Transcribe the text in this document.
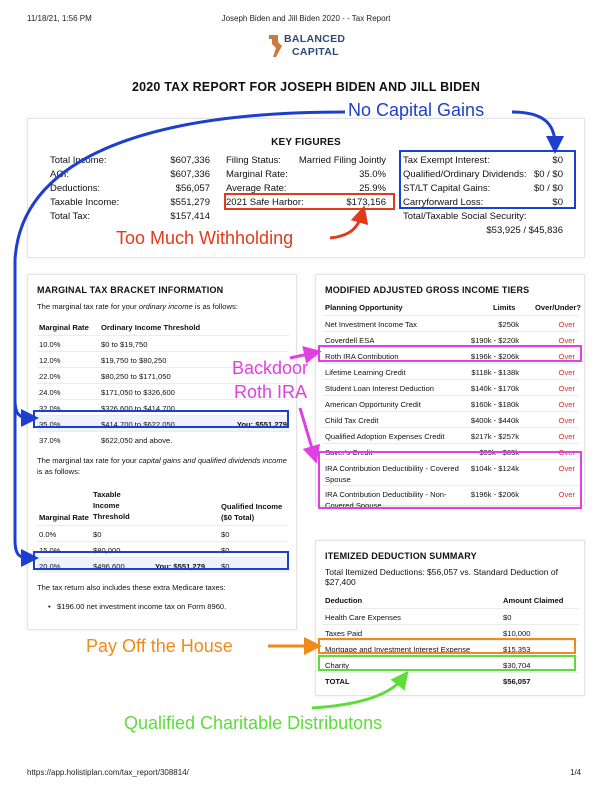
11/18/21, 1:56 PM	Joseph Biden and Jill Biden 2020 - - Tax Report
BALANCED
CAPITAL
2020 TAX REPORT FOR JOSEPH BIDEN AND JILL BIDEN
KEY FIGURES
Total Income:	$607,336
AGI:	$607,336
Deductions:	$56,057
Taxable Income:	$551,279
Total Tax:	$157,414
Filing Status: Married Filing Jointly
Marginal Rate:	35.0%
Average Rate:	25.9%
2021 Safe Harbor:	$173,156
Tax Exempt Interest:	$0
Qualified/Ordinary Dividends: $0 / $0
ST/LT Capital Gains:	$0 / $0
Carryforward Loss:	$0
Total/Taxable Social Security:
$53,925 / $45,836
MARGINAL TAX BRACKET INFORMATION
The marginal tax rate for your ordinary income is as follows:
Marginal Rate Ordinary Income Threshold
10.0%	$0 to $19,750
12.0%	$19,750 to $80,250
22.0%	$80,250 to $171,050
24.0%	$171,050 to $326,600
32.0%	$326,600 to $414,700
35.0%	$414,700 to $622,050	You: $551,279
37.0%	$622,050 and above.
The marginal tax rate for your capital gains and qualified dividends income is as follows:
Marginal Rate
Taxable Income Threshold
Qualified Income ($0 Total)
0.0%	$0	$0
15.0%	$80,000	$0
20.0%	$496,600	You: $551,279 $0
The tax return also includes these extra Medicare taxes:
•   $196.00 net investment income tax on Form 8960.
MODIFIED ADJUSTED GROSS INCOME TIERS
Planning Opportunity	Limits	Over/Under?
Net Investment Income Tax	$250k	Over
Coverdell ESA	$190k - $220k	Over
Roth IRA Contribution	$196k - $206k	Over
Lifetime Learning Credit	$118k - $138k	Over
Student Loan Interest Deduction	$140k - $170k	Over
American Opportunity Credit	$160k - $180k	Over
Child Tax Credit	$400k - $440k	Over
Qualified Adoption Expenses Credit	$217k - $257k	Over
Saver's Credit	$39k - $65k	Over
IRA Contribution Deductibility - Covered Spouse
$104k - $124k	Over
IRA Contribution Deductibility - Non-Covered Spouse
$196k - $206k	Over
ITEMIZED DEDUCTION SUMMARY
Total Itemized Deductions: $56,057 vs. Standard Deduction of $27,400
Deduction	Amount Claimed
Health Care Expenses	$0
Taxes Paid	$10,000
Mortgage and Investment Interest Expense	$15,353
Charity	$30,704
TOTAL	$56,057
No Capital Gains
Too Much Withholding
Backdoor
Roth IRA
Pay Off the House
Qualified Charitable Distributons
https://app.holistiplan.com/tax_report/308814/	1/4
